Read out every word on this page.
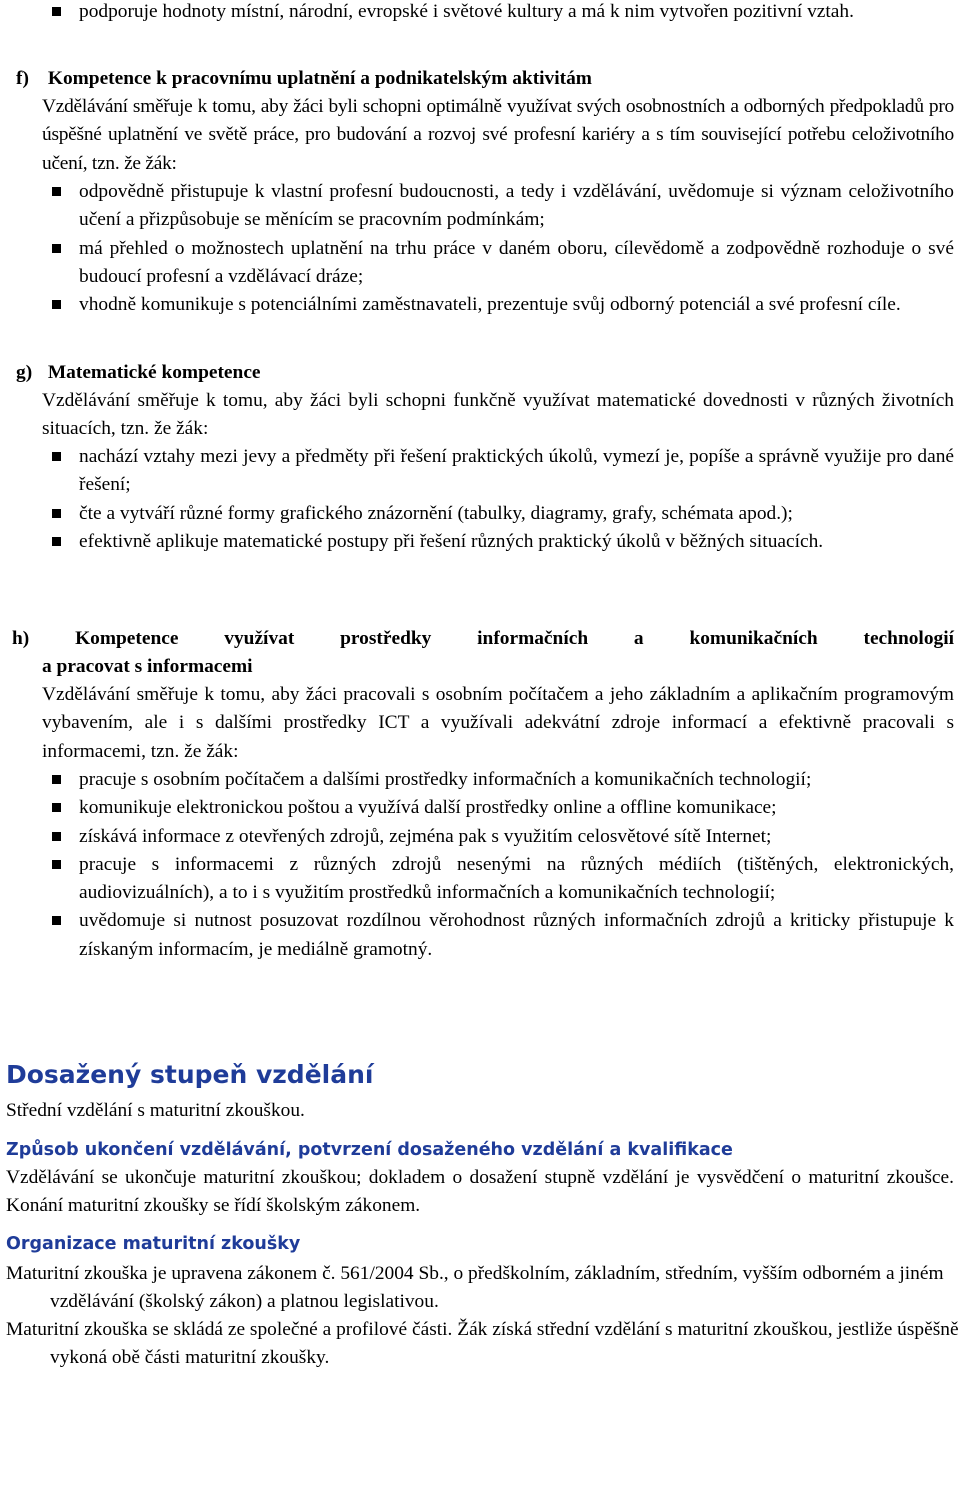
podporuje hodnoty místní, národní, evropské i světové kultury a má k nim vytvořen pozitivní vztah.
f) Kompetence k pracovnímu uplatnění a podnikatelským aktivitám
Vzdělávání směřuje k tomu, aby žáci byli schopni optimálně využívat svých osobnostních a odborných předpokladů pro úspěšné uplatnění ve světě práce, pro budování a rozvoj své profesní kariéry a s tím související potřebu celoživotního učení, tzn. že žák:
odpovědně přistupuje k vlastní profesní budoucnosti, a tedy i vzdělávání, uvědomuje si význam celoživotního učení a přizpůsobuje se měnícím se pracovním podmínkám;
má přehled o možnostech uplatnění na trhu práce v daném oboru, cílevědomě a zodpovědně rozhoduje o své budoucí profesní a vzdělávací dráze;
vhodně komunikuje s potenciálními zaměstnavateli, prezentuje svůj odborný potenciál a své profesní cíle.
g) Matematické kompetence
Vzdělávání směřuje k tomu, aby žáci byli schopni funkčně využívat matematické dovednosti v různých životních situacích, tzn. že žák:
nachází vztahy mezi jevy a předměty při řešení praktických úkolů, vymezí je, popíše a správně využije pro dané řešení;
čte a vytváří různé formy grafického znázornění (tabulky, diagramy, grafy, schémata apod.);
efektivně aplikuje matematické postupy při řešení různých praktický úkolů v běžných situacích.
h) Kompetence využívat prostředky informačních a komunikačních technologií
a pracovat s informacemi
Vzdělávání směřuje k tomu, aby žáci pracovali s osobním počítačem a jeho základním a aplikačním programovým vybavením, ale i s dalšími prostředky ICT a využívali adekvátní zdroje informací a efektivně pracovali s informacemi, tzn. že žák:
pracuje s osobním počítačem a dalšími prostředky informačních a komunikačních technologií;
komunikuje elektronickou poštou a využívá další prostředky online a offline komunikace;
získává informace z otevřených zdrojů, zejména pak s využitím celosvětové sítě Internet;
pracuje s informacemi z různých zdrojů nesenými na různých médiích (tištěných, elektronických, audiovizuálních), a to i s využitím prostředků informačních a komunikačních technologií;
uvědomuje si nutnost posuzovat rozdílnou věrohodnost různých informačních zdrojů a kriticky přistupuje k získaným informacím, je mediálně gramotný.
Dosažený stupeň vzdělání
Střední vzdělání s maturitní zkouškou.
Způsob ukončení vzdělávání, potvrzení dosaženého vzdělání a kvalifikace
Vzdělávání se ukončuje maturitní zkouškou; dokladem o dosažení stupně vzdělání je vysvědčení o maturitní zkoušce. Konání maturitní zkoušky se řídí školským zákonem.
Organizace maturitní zkoušky
Maturitní zkouška je upravena zákonem č. 561/2004 Sb., o předškolním, základním, středním, vyšším odborném a jiném vzdělávání (školský zákon) a platnou legislativou.
Maturitní zkouška se skládá ze společné a profilové části. Žák získá střední vzdělání s maturitní zkouškou, jestliže úspěšně vykoná obě části maturitní zkoušky.
